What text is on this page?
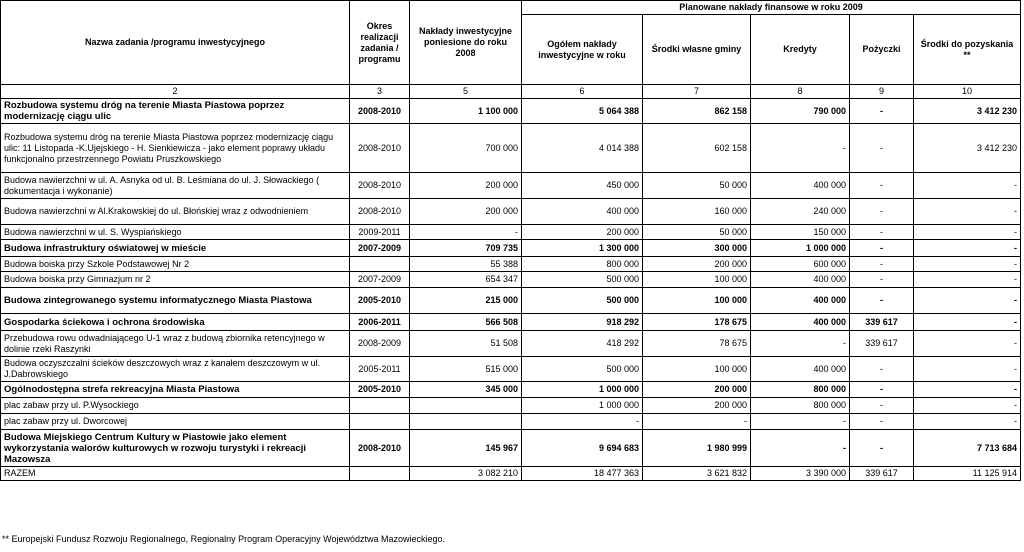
Nazwa zadania /programu inwestycyjnego	Okres realizacji zadania / programu	Nakłady inwestycyjne poniesione do roku 2008	Planowane nakłady finansowe w roku 2009				
			Ogółem nakłady inwestycyjne w roku	Środki własne gminy	Kredyty	Pożyczki	Środki do pozyskania **
2	3	5	6	7	8	9	10
Rozbudowa systemu dróg na terenie Miasta Piastowa poprzez modernizację ciągu ulic	2008-2010	1 100 000	5 064 388	862 158	790 000	-	3 412 230
Rozbudowa systemu dróg na terenie Miasta Piastowa poprzez modernizację ciągu ulic: 11 Listopada -K.Ujejskiego - H. Sienkiewicza - jako element poprawy układu funkcjonalno przestrzennego Powiatu Pruszkowskiego	2008-2010	700 000	4 014 388	602 158	-	-	3 412 230
Budowa nawierzchni w ul. A. Asnyka od ul. B. Leśmiana do ul. J. Słowackiego ( dokumentacja i wykonanie)	2008-2010	200 000	450 000	50 000	400 000	-	-
Budowa nawierzchni w Al.Krakowskiej do ul. Błońskiej wraz z odwodnieniem	2008-2010	200 000	400 000	160 000	240 000	-	-
Budowa nawierzchni w ul. S. Wyspiańskiego	2009-2011	-	200 000	50 000	150 000	-	-
Budowa infrastruktury oświatowej w mieście	2007-2009	709 735	1 300 000	300 000	1 000 000	-	-
Budowa boiska przy Szkole Podstawowej Nr 2		55 388	800 000	200 000	600 000	-	-
Budowa boiska przy Gimnazjum nr 2	2007-2009	654 347	500 000	100 000	400 000	-	-
Budowa zintegrowanego systemu informatycznego Miasta Piastowa	2005-2010	215 000	500 000	100 000	400 000	-	-
Gospodarka ściekowa i ochrona środowiska	2006-2011	566 508	918 292	178 675	400 000	339 617	-
Przebudowa rowu odwadniającego U-1 wraz z budową zbiornika retencyjnego w dolinie rzeki Raszynki	2008-2009	51 508	418 292	78 675	-	339 617	-
Budowa oczyszczalni ścieków deszczowych wraz z kanałem deszczowym w ul. J.Dabrowskiego	2005-2011	515 000	500 000	100 000	400 000	-	-
Ogólnodostępna strefa rekreacyjna Miasta Piastowa	2005-2010	345 000	1 000 000	200 000	800 000	-	-
plac zabaw przy ul. P.Wysockiego			1 000 000	200 000	800 000	-	-
plac zabaw przy ul. Dworcowej			-	-	-	-	-
Budowa Miejskiego Centrum Kultury w Piastowie jako element wykorzystania walorów kulturowych w rozwoju turystyki i rekreacji Mazowsza	2008-2010	145 967	9 694 683	1 980 999	-	-	7 713 684
RAZEM		3 082 210	18 477 363	3 621 832	3 390 000	339 617	11 125 914
** Europejski Fundusz Rozwoju Regionalnego, Regionalny Program Operacyjny Województwa Mazowieckiego.
